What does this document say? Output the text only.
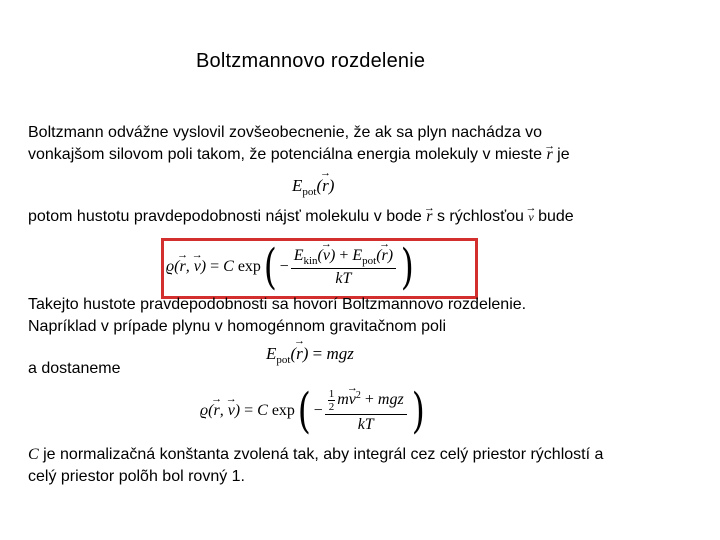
Boltzmannovo rozdelenie
Boltzmann odvážne vyslovil zovšeobecnenie, že ak sa plyn nachádza vo
vonkajšom silovom poli takom, že potenciálna energia molekuly v mieste → r je
$E_{pot}(\to r)$
potom hustotu pravdepodobnosti nájsť molekulu v bode → r s rýchlosťou → v bude
ϱ ( → r , → v ) =
C
exp ( − $\frac{E_{kin}(\to v) + E_{pot}(\to r)}{kT}$ )
Takejto hustote pravdepodobnosti sa hovorí Boltzmannovo rozdelenie.
Napríklad v prípade plynu v homogénnom gravitačnom poli
$E_{pot}(\to r)$ = mgz
a dostaneme
ϱ ( → r , → v ) =
C
exp ( − $\frac{\frac{1}{2} m\to v^2 + mgz}{kT}$ )
C je normalizačná konštanta zvolená tak, aby integrál cez celý priestor rýchlostí a
celý priestor polõh bol rovný 1.
